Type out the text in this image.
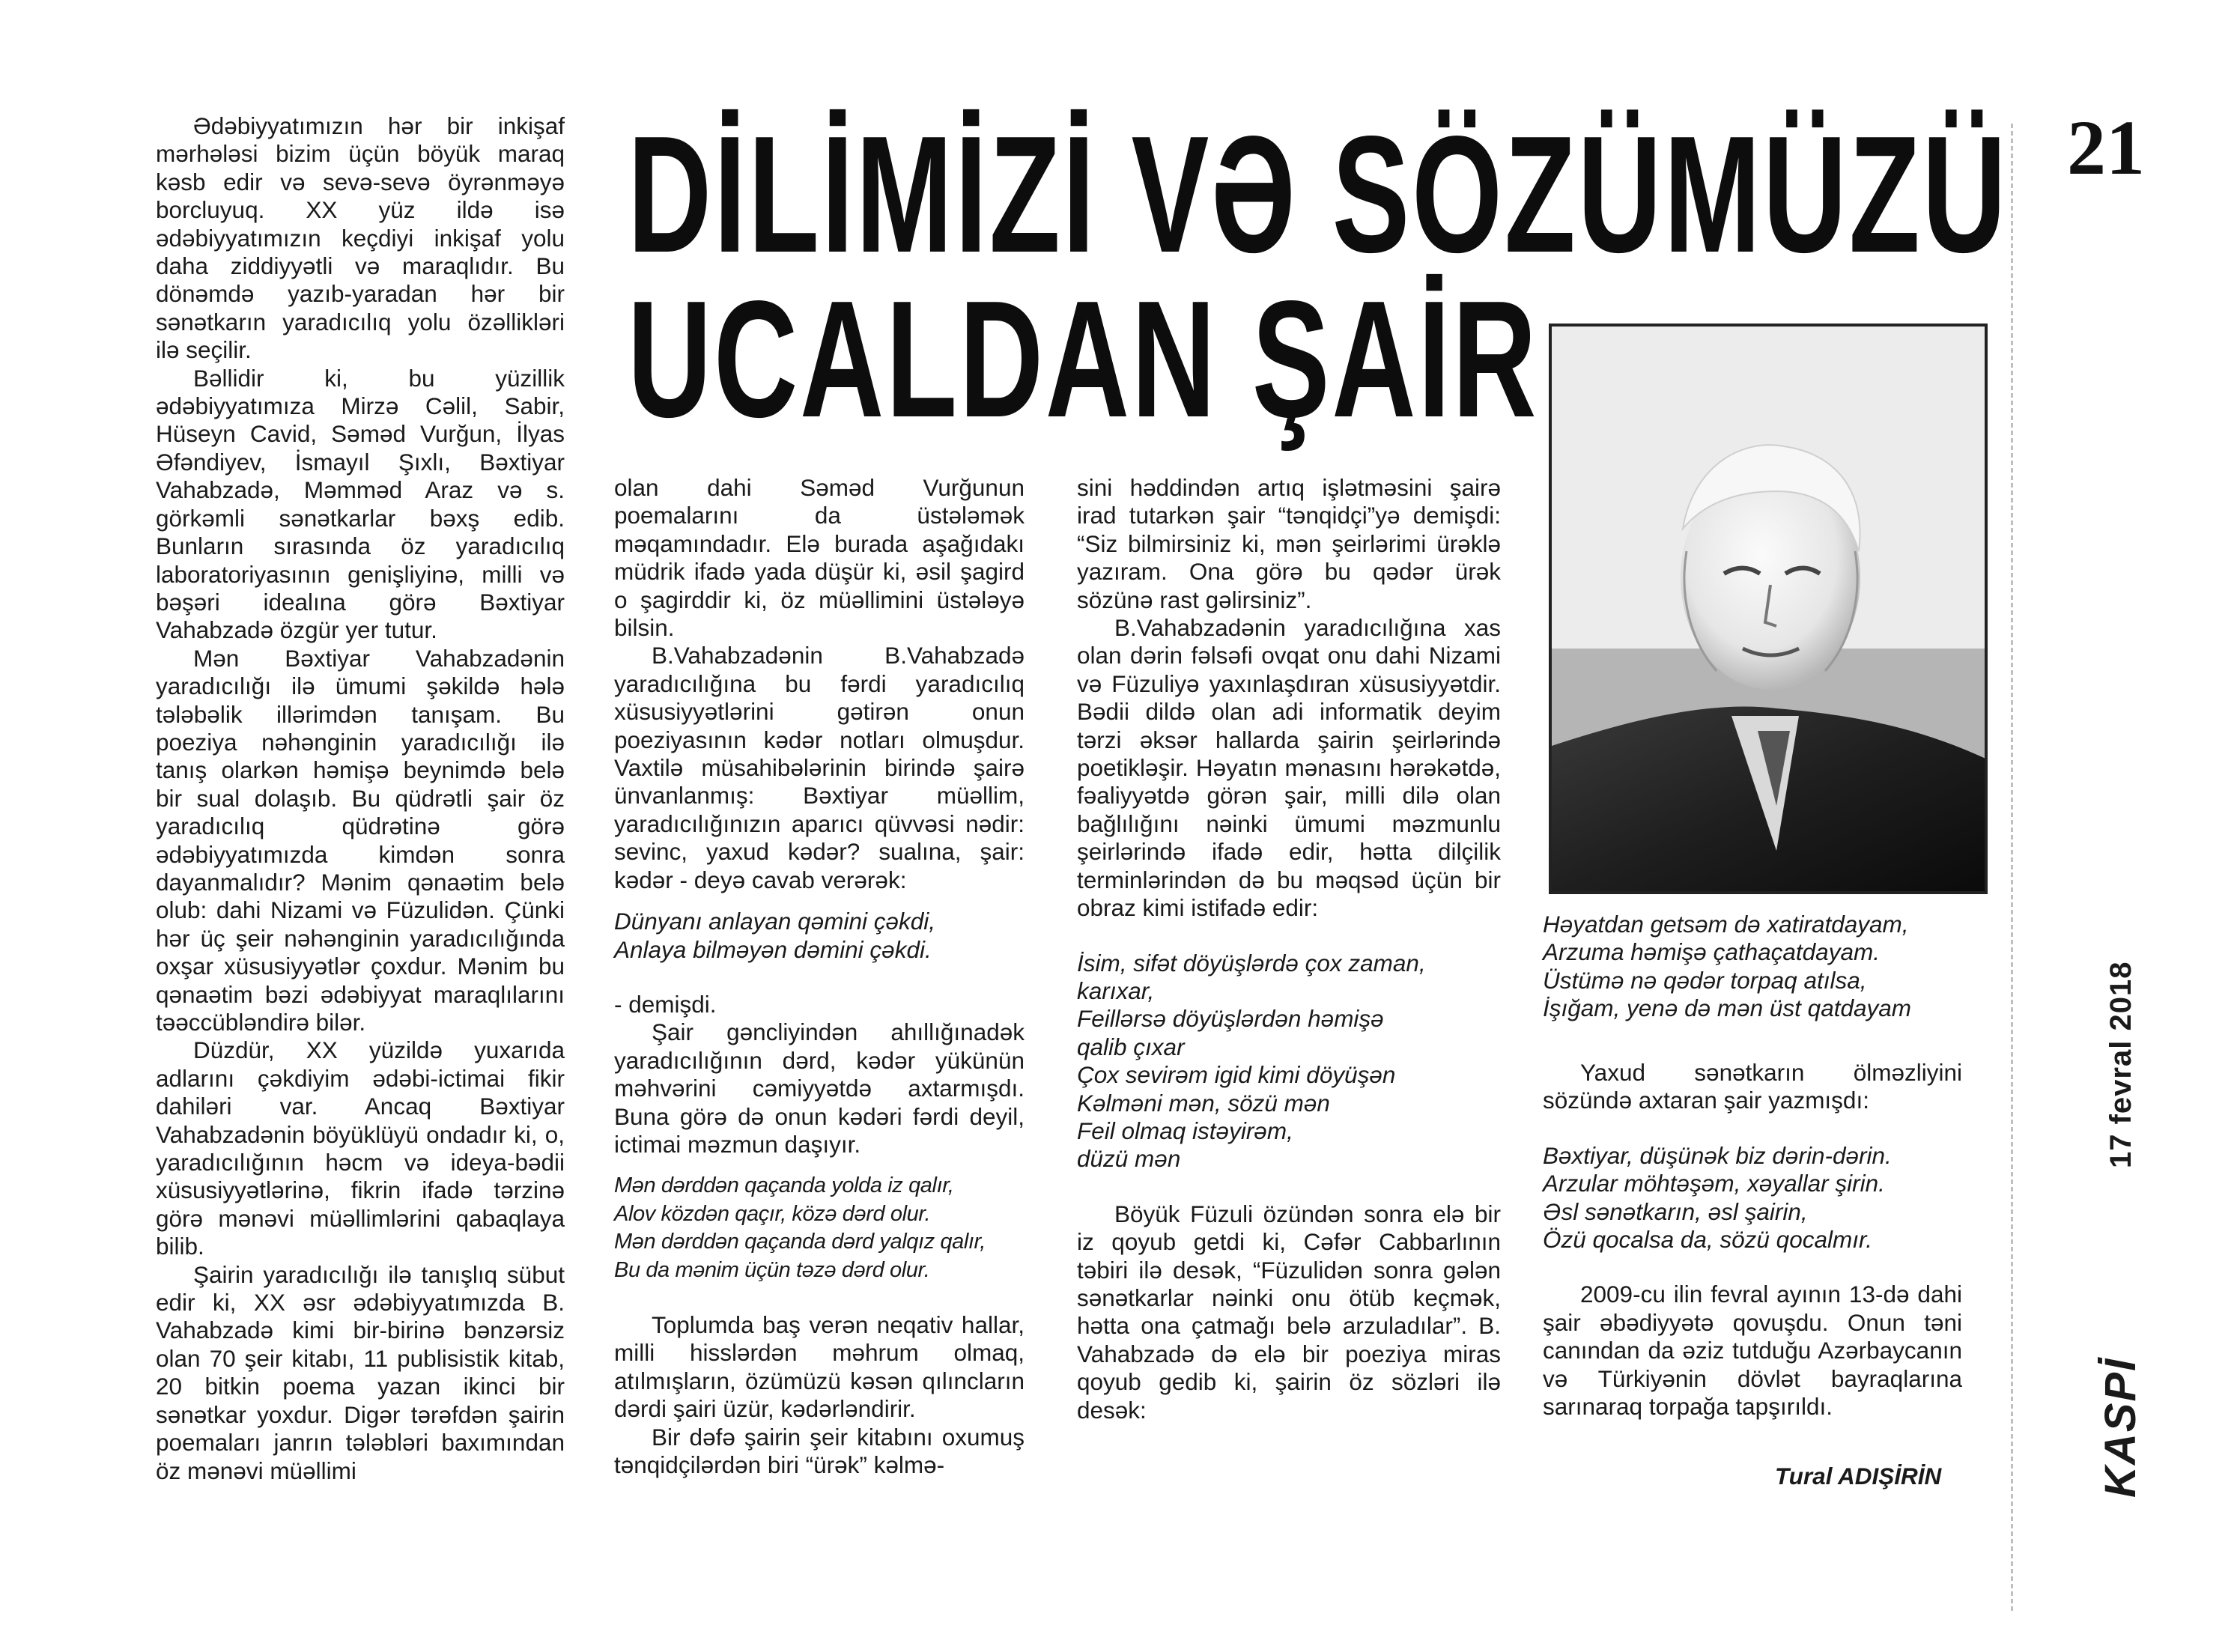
DİLİMİZİ VƏ SÖZÜMÜZÜ
UCALDAN ŞAİR
21
17 fevral 2018
KASPİ

Ədəbiyyatımızın hər bir inkişaf mərhələsi bizim üçün böyük maraq kəsb edir və sevə-sevə öyrənməyə borcluyuq. XX yüz ildə isə ədəbiyyatımızın keçdiyi inkişaf yolu daha ziddiyyətli və maraqlıdır. Bu dönəmdə yazıb-yaradan hər bir sənətkarın yaradıcılıq yolu özəllikləri ilə seçilir.

Bəllidir ki, bu yüzillik ədəbiyyatımıza Mirzə Cəlil, Sabir, Hüseyn Cavid, Səməd Vurğun, İlyas Əfəndiyev, İsmayıl Şıxlı, Bəxtiyar Vahabzadə, Məmməd Araz və s. görkəmli sənətkarlar bəxş edib. Bunların sırasında öz yaradıcılıq laboratoriyasının genişliyinə, milli və bəşəri idealına görə Bəxtiyar Vahabzadə özgür yer tutur.

Mən Bəxtiyar Vahabzadənin yaradıcılığı ilə ümumi şəkildə hələ tələbəlik illərimdən tanışam. Bu poeziya nəhənginin yaradıcılığı ilə tanış olarkən həmişə beynimdə belə bir sual dolaşıb. Bu qüdrətli şair öz yaradıcılıq qüdrətinə görə ədəbiyyatımızda kimdən sonra dayanmalıdır? Mənim qənaətim belə olub: dahi Nizami və Füzulidən. Çünki hər üç şeir nəhənginin yaradıcılığında oxşar xüsusiyyətlər çoxdur. Mənim bu qənaətim bəzi ədəbiyyat maraqlılarını təəccübləndirə bilər.

Düzdür, XX yüzildə yuxarıda adlarını çəkdiyim ədəbi-ictimai fikir dahiləri var. Ancaq Bəxtiyar Vahabzadənin böyüklüyü ondadır ki, o, yaradıcılığının həcm və ideya-bədii xüsusiyyətlərinə, fikrin ifadə tərzinə görə mənəvi müəllimlərini qabaqlaya bilib.

Şairin yaradıcılığı ilə tanışlıq sübut edir ki, XX əsr ədəbiyyatımızda B. Vahabzadə kimi bir-birinə bənzərsiz olan 70 şeir kitabı, 11 publisistik kitab, 20 bitkin poema yazan ikinci bir sənətkar yoxdur. Digər tərəfdən şairin poemaları janrın tələbləri baxımından öz mənəvi müəllimi

olan dahi Səməd Vurğunun poemalarını da üstələmək məqamındadır. Elə burada aşağıdakı müdrik ifadə yada düşür ki, əsil şagird o şagirddir ki, öz müəllimini üstələyə bilsin.

B.Vahabzadənin B.Vahabzadə yaradıcılığına bu fərdi yaradıcılıq xüsusiyyətlərini gətirən onun poeziyasının kədər notları olmuşdur. Vaxtilə müsahibələrinin birində şairə ünvanlanmış: Bəxtiyar müəllim, yaradıcılığınızın aparıcı qüvvəsi nədir: sevinc, yaxud kədər? sualına, şair: kədər - deyə cavab verərək:

Dünyanı anlayan qəmini çəkdi,
Anlaya bilməyən dəmini çəkdi.

- demişdi.

Şair gəncliyindən ahıllığınadək yaradıcılığının dərd, kədər yükünün məhvərini cəmiyyətdə axtarmışdı. Buna görə də onun kədəri fərdi deyil, ictimai məzmun daşıyır.

Mən dərddən qaçanda yolda iz qalır,
Alov közdən qaçır, közə dərd olur.
Mən dərddən qaçanda dərd yalqız qalır,
Bu da mənim üçün təzə dərd olur.

Toplumda baş verən neqativ hallar, milli hisslərdən məhrum olmaq, atılmışların, özümüzü kəsən qılıncların dərdi şairi üzür, kədərləndirir.

Bir dəfə şairin şeir kitabını oxumuş tənqidçilərdən biri “ürək” kəlmə-

sini həddindən artıq işlətməsini şairə irad tutarkən şair “tənqidçi”yə demişdi: “Siz bilmirsiniz ki, mən şeirlərimi ürəklə yazıram. Ona görə bu qədər ürək sözünə rast gəlirsiniz”.

B.Vahabzadənin yaradıcılığına xas olan dərin fəlsəfi ovqat onu dahi Nizami və Füzuliyə yaxınlaşdıran xüsusiyyətdir. Bədii dildə olan adi informatik deyim tərzi əksər hallarda şairin şeirlərində poetikləşir. Həyatın mənasını hərəkətdə, fəaliyyətdə görən şair, milli dilə olan bağlılığını nəinki ümumi məzmunlu şeirlərində ifadə edir, hətta dilçilik terminlərindən də bu məqsəd üçün bir obraz kimi istifadə edir:

İsim, sifət döyüşlərdə çox zaman,
karıxar,
Feillərsə döyüşlərdən həmişə
qalib çıxar
Çox sevirəm igid kimi döyüşən
Kəlməni mən, sözü mən
Feil olmaq istəyirəm,
düzü mən

Böyük Füzuli özündən sonra elə bir iz qoyub getdi ki, Cəfər Cabbarlının təbiri ilə desək, “Füzulidən sonra gələn sənətkarlar nəinki onu ötüb keçmək, hətta ona çatmağı belə arzuladılar”. B. Vahabzadə də elə bir poeziya miras qoyub gedib ki, şairin öz sözləri ilə desək:

Həyatdan getsəm də xatiratdayam,
Arzuma həmişə çathaçatdayam.
Üstümə nə qədər torpaq atılsa,
İşığam, yenə də mən üst qatdayam

Yaxud sənətkarın ölməzliyini sözündə axtaran şair yazmışdı:

Bəxtiyar, düşünək biz dərin-dərin.
Arzular möhtəşəm, xəyallar şirin.
Əsl sənətkarın, əsl şairin,
Özü qocalsa da, sözü qocalmır.

2009-cu ilin fevral ayının 13-də dahi şair əbədiyyətə qovuşdu. Onun təni canından da əziz tutduğu Azərbaycanın və Türkiyənin dövlət bayraqlarına sarınaraq torpağa tapşırıldı.

Tural ADIŞİRİN
